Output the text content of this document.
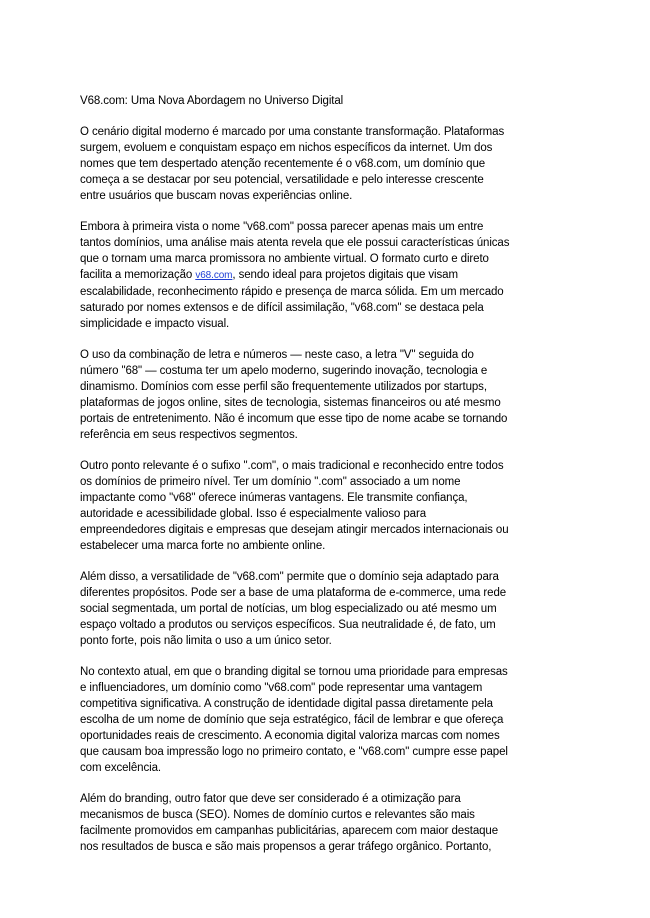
V68.com: Uma Nova Abordagem no Universo Digital
O cenário digital moderno é marcado por uma constante transformação. Plataformas
surgem, evoluem e conquistam espaço em nichos específicos da internet. Um dos
nomes que tem despertado atenção recentemente é o v68.com, um domínio que
começa a se destacar por seu potencial, versatilidade e pelo interesse crescente
entre usuários que buscam novas experiências online.
Embora à primeira vista o nome "v68.com" possa parecer apenas mais um entre
tantos domínios, uma análise mais atenta revela que ele possui características únicas
que o tornam uma marca promissora no ambiente virtual. O formato curto e direto
facilita a memorização v68.com, sendo ideal para projetos digitais que visam
escalabilidade, reconhecimento rápido e presença de marca sólida. Em um mercado
saturado por nomes extensos e de difícil assimilação, "v68.com" se destaca pela
simplicidade e impacto visual.
O uso da combinação de letra e números — neste caso, a letra "V" seguida do
número "68" — costuma ter um apelo moderno, sugerindo inovação, tecnologia e
dinamismo. Domínios com esse perfil são frequentemente utilizados por startups,
plataformas de jogos online, sites de tecnologia, sistemas financeiros ou até mesmo
portais de entretenimento. Não é incomum que esse tipo de nome acabe se tornando
referência em seus respectivos segmentos.
Outro ponto relevante é o sufixo ".com", o mais tradicional e reconhecido entre todos
os domínios de primeiro nível. Ter um domínio ".com" associado a um nome
impactante como "v68" oferece inúmeras vantagens. Ele transmite confiança,
autoridade e acessibilidade global. Isso é especialmente valioso para
empreendedores digitais e empresas que desejam atingir mercados internacionais ou
estabelecer uma marca forte no ambiente online.
Além disso, a versatilidade de "v68.com" permite que o domínio seja adaptado para
diferentes propósitos. Pode ser a base de uma plataforma de e-commerce, uma rede
social segmentada, um portal de notícias, um blog especializado ou até mesmo um
espaço voltado a produtos ou serviços específicos. Sua neutralidade é, de fato, um
ponto forte, pois não limita o uso a um único setor.
No contexto atual, em que o branding digital se tornou uma prioridade para empresas
e influenciadores, um domínio como "v68.com" pode representar uma vantagem
competitiva significativa. A construção de identidade digital passa diretamente pela
escolha de um nome de domínio que seja estratégico, fácil de lembrar e que ofereça
oportunidades reais de crescimento. A economia digital valoriza marcas com nomes
que causam boa impressão logo no primeiro contato, e "v68.com" cumpre esse papel
com excelência.
Além do branding, outro fator que deve ser considerado é a otimização para
mecanismos de busca (SEO). Nomes de domínio curtos e relevantes são mais
facilmente promovidos em campanhas publicitárias, aparecem com maior destaque
nos resultados de busca e são mais propensos a gerar tráfego orgânico. Portanto,
